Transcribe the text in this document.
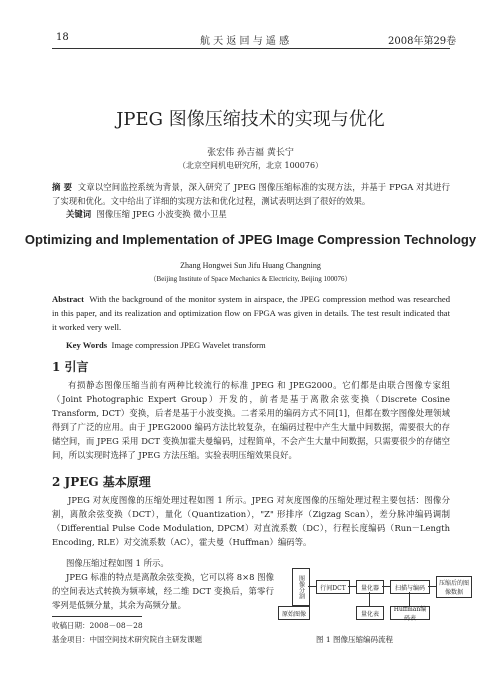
18	航 天 返 回 与 遥 感	2008年第29卷
JPEG 图像压缩技术的实现与优化
张宏伟 孙吉福 黄长宁
（北京空间机电研究所，北京 100076）
摘 要 文章以空间监控系统为背景，深入研究了 JPEG 图像压缩标准的实现方法，并基于 FPGA 对其进行了实现和优化。文中给出了详细的实现方法和优化过程，测试表明达到了很好的效果。
关键词 图像压缩 JPEG 小波变换 微小卫星
Optimizing and Implementation of JPEG Image Compression Technology
Zhang Hongwei Sun Jifu Huang Changning
（Beijing Institute of Space Mechanics & Electricity, Beijing 100076）
Abstract With the background of the monitor system in airspace, the JPEG compression method was researched in this paper, and its realization and optimization flow on FPGA was given in details. The test result indicated that it worked very well.
Key Words Image compression JPEG Wavelet transform
1 引言
有损静态图像压缩当前有两种比较流行的标准 JPEG 和 JPEG2000。它们都是由联合图像专家组（Joint Photographic Expert Group）开发的，前者是基于离散余弦变换（Discrete Cosine Transform, DCT）变换，后者是基于小波变换。二者采用的编码方式不同[1]，但都在数字图像处理领域得到了广泛的应用。由于 JPEG2000 编码方法比较复杂，在编码过程中产生大量中间数据，需要很大的存储空间，而 JPEG 采用 DCT 变换加霍夫曼编码，过程简单，不会产生大量中间数据，只需要很少的存储空间，所以实现时选择了 JPEG 方法压缩。实验表明压缩效果良好。
2 JPEG 基本原理
JPEG 对灰度图像的压缩处理过程如图 1 所示。JPEG 对灰度图像的压缩处理过程主要包括：图像分割，离散余弦变换（DCT），量化（Quantization），"Z" 形排序（Zigzag Scan），差分脉冲编码调制（Differential Pulse Code Modulation, DPCM）对直流系数（DC），行程长度编码（Run－Length Encoding, RLE）对交流系数（AC），霍夫曼（Huffman）编码等。
图像压缩过程如图 1 所示。
JPEG 标准的特点是离散余弦变换，它可以将 8×8 图像的空间表达式转换为频率域，经二维 DCT 变换后，第零行零列是低频分量，其余为高频分量。
收稿日期：2008－08－28
基金项目：中国空间技术研究院自主研发课题
原始图像
图像分割	行间DCT	量化器	扫描与编码
压缩后的图像数据
量化表
Huffman编码表
图 1 图像压缩编码流程
